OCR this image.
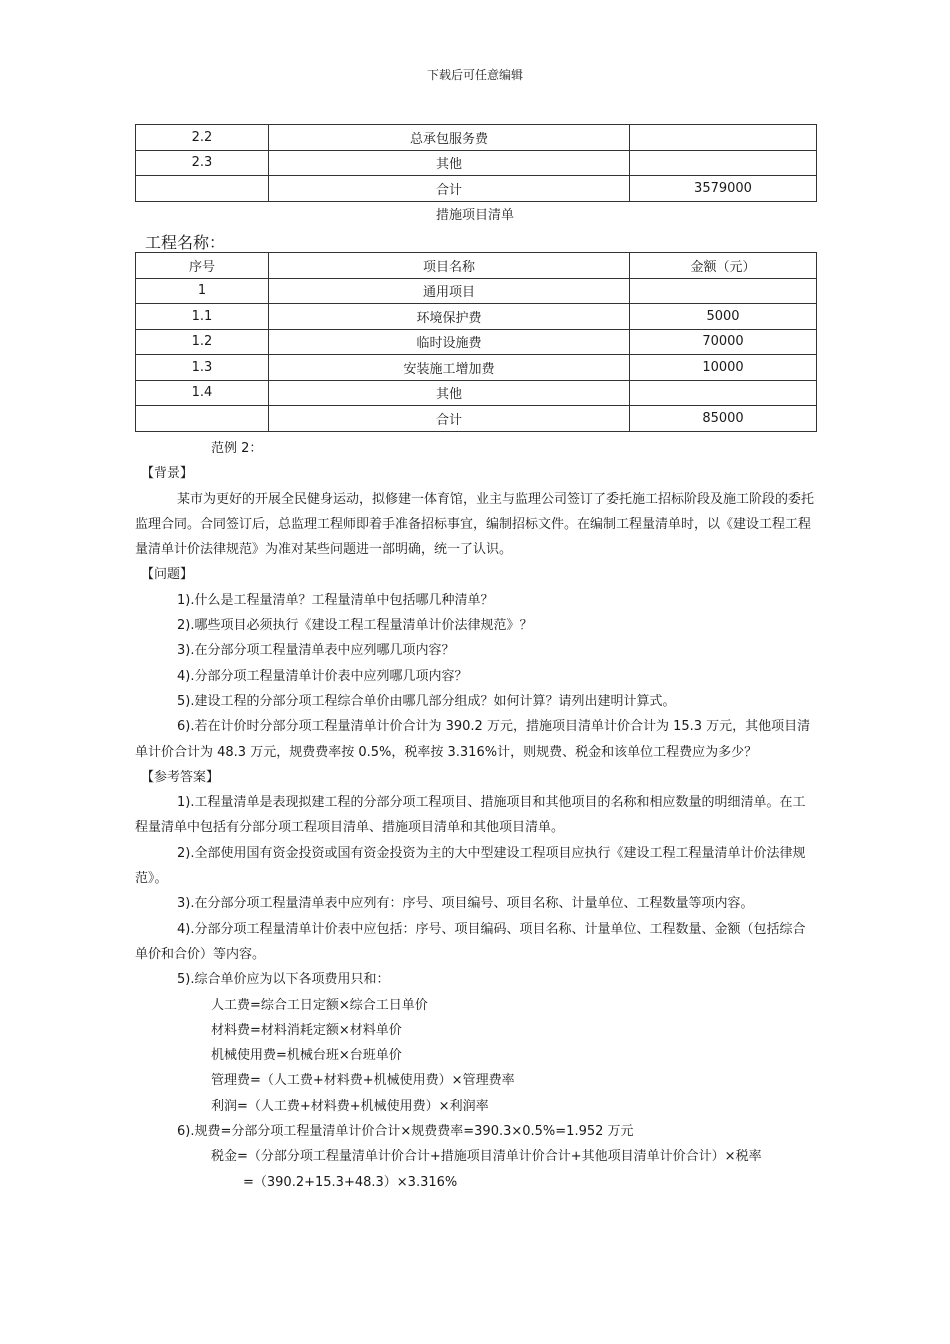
下载后可任意编辑
2.2	总承包服务费	
2.3	其他	
	合计	3579000
措施项目清单
工程名称：
序号	项目名称	金额（元）
1	通用项目	
1.1	环境保护费	5000
1.2	临时设施费	70000
1.3	安装施工增加费	10000
1.4	其他	
	合计	85000

范例 2：

【背景】

某市为更好的开展全民健身运动，拟修建一体育馆，业主与监理公司签订了委托施工招标阶段及施工阶段的委托监理合同。合同签订后，总监理工程师即着手准备招标事宜，编制招标文件。在编制工程量清单时，以《建设工程工程量清单计价法律规范》为准对某些问题进一部明确，统一了认识。

【问题】

1).什么是工程量清单？工程量清单中包括哪几种清单？

2).哪些项目必须执行《建设工程工程量清单计价法律规范》？

3).在分部分项工程量清单表中应列哪几项内容？

4).分部分项工程量清单计价表中应列哪几项内容？

5).建设工程的分部分项工程综合单价由哪几部分组成？如何计算？请列出建明计算式。

6).若在计价时分部分项工程量清单计价合计为 390.2 万元，措施项目清单计价合计为 15.3 万元，其他项目清单计价合计为 48.3 万元，规费费率按 0.5%，税率按 3.316%计，则规费、税金和该单位工程费应为多少？

【参考答案】

1).工程量清单是表现拟建工程的分部分项工程项目、措施项目和其他项目的名称和相应数量的明细清单。在工程量清单中包括有分部分项工程项目清单、措施项目清单和其他项目清单。

2).全部使用国有资金投资或国有资金投资为主的大中型建设工程项目应执行《建设工程工程量清单计价法律规范》。

3).在分部分项工程量清单表中应列有：序号、项目编号、项目名称、计量单位、工程数量等项内容。

4).分部分项工程量清单计价表中应包括：序号、项目编码、项目名称、计量单位、工程数量、金额（包括综合单价和合价）等内容。

5).综合单价应为以下各项费用只和：

人工费=综合工日定额×综合工日单价

材料费=材料消耗定额×材料单价

机械使用费=机械台班×台班单价

管理费=（人工费+材料费+机械使用费）×管理费率

利润=（人工费+材料费+机械使用费）×利润率

6).规费=分部分项工程量清单计价合计×规费费率=390.3×0.5%=1.952 万元

税金=（分部分项工程量清单计价合计+措施项目清单计价合计+其他项目清单计价合计）×税率

=（390.2+15.3+48.3）×3.316%
